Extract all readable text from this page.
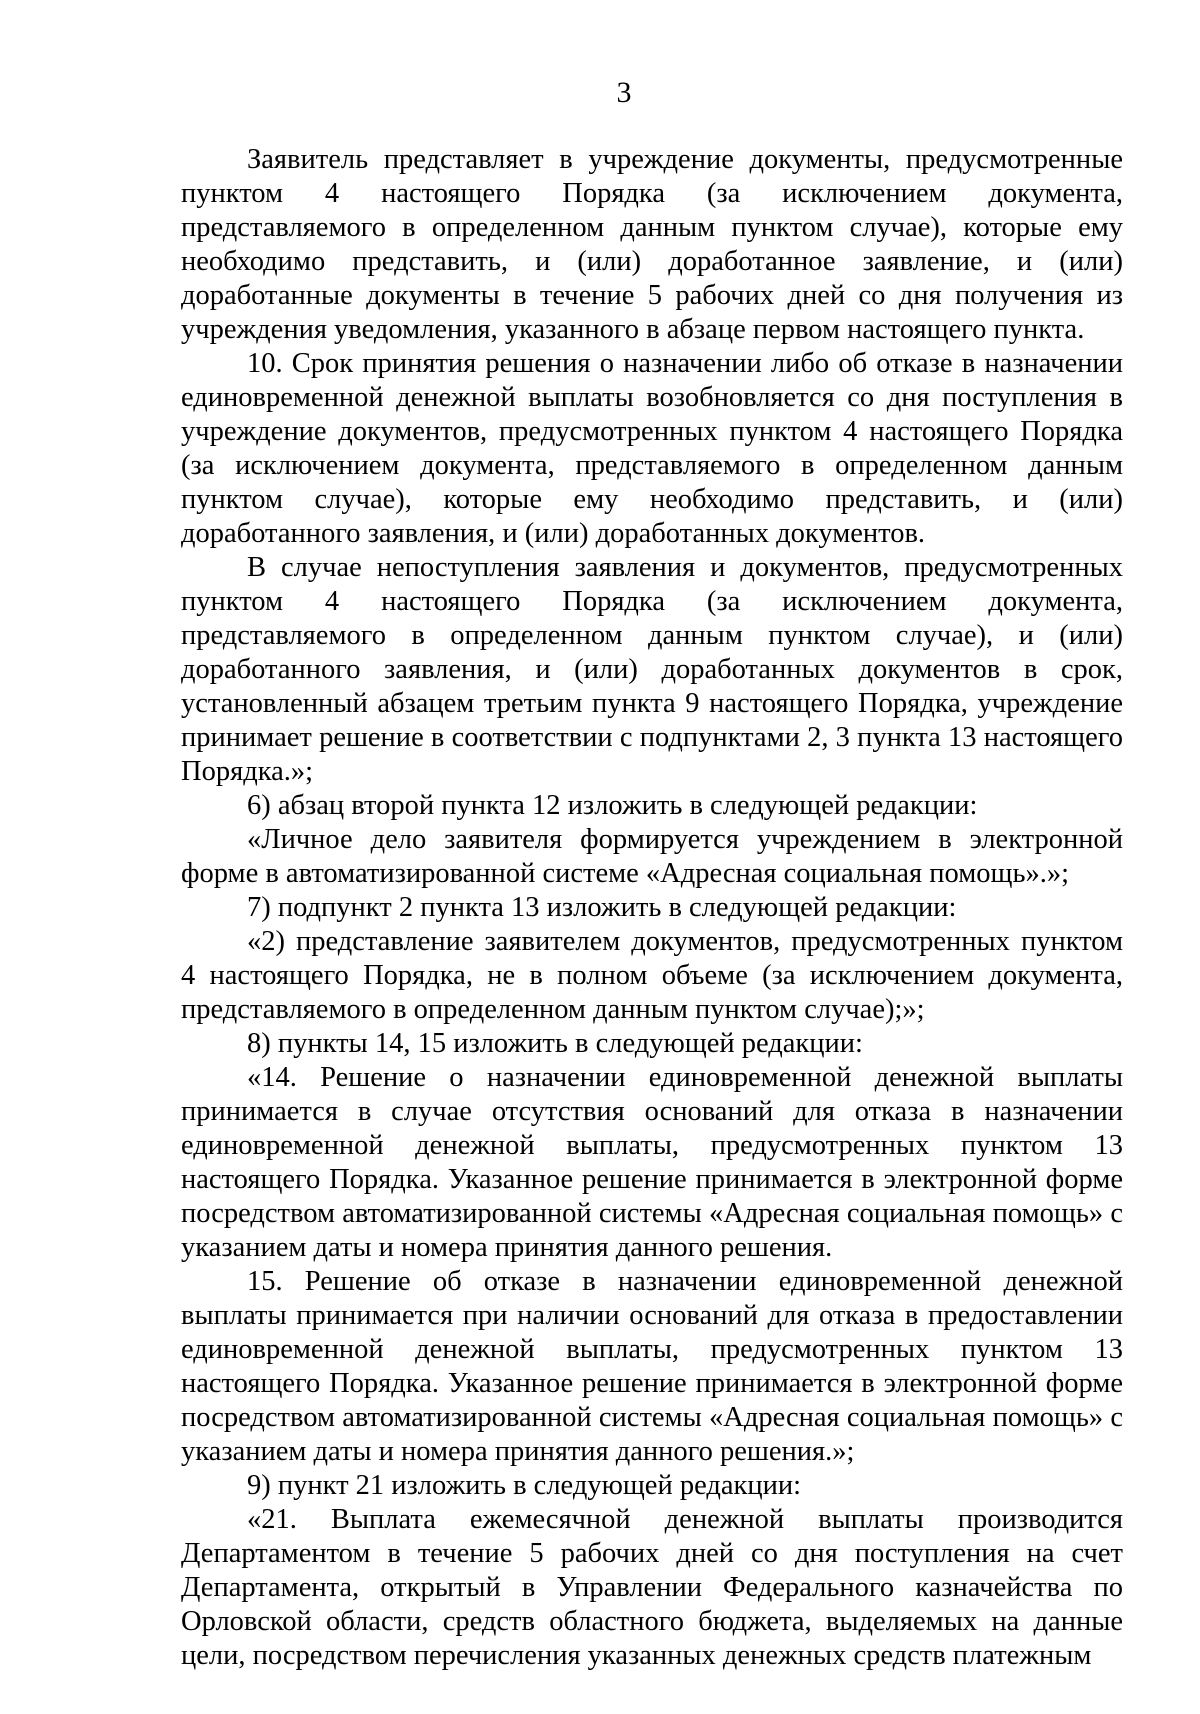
3

Заявитель представляет в учреждение документы, предусмотренные пунктом 4 настоящего Порядка (за исключением документа, представляемого в определенном данным пунктом случае), которые ему необходимо представить, и (или) доработанное заявление, и (или) доработанные документы в течение 5 рабочих дней со дня получения из учреждения уведомления, указанного в абзаце первом настоящего пункта.

10. Срок принятия решения о назначении либо об отказе в назначении единовременной денежной выплаты возобновляется со дня поступления в учреждение документов, предусмотренных пунктом 4 настоящего Порядка (за исключением документа, представляемого в определенном данным пунктом случае), которые ему необходимо представить, и (или) доработанного заявления, и (или) доработанных документов.

В случае непоступления заявления и документов, предусмотренных пунктом 4 настоящего Порядка (за исключением документа, представляемого в определенном данным пунктом случае), и (или) доработанного заявления, и (или) доработанных документов в срок, установленный абзацем третьим пункта 9 настоящего Порядка, учреждение принимает решение в соответствии с подпунктами 2, 3 пункта 13 настоящего Порядка.»;

6) абзац второй пункта 12 изложить в следующей редакции:

«Личное дело заявителя формируется учреждением в электронной форме в автоматизированной системе «Адресная социальная помощь».»;

7) подпункт 2 пункта 13 изложить в следующей редакции:

«2) представление заявителем документов, предусмотренных пунктом 4 настоящего Порядка, не в полном объеме (за исключением документа, представляемого в определенном данным пунктом случае);»;

8) пункты 14, 15 изложить в следующей редакции:

«14. Решение о назначении единовременной денежной выплаты принимается в случае отсутствия оснований для отказа в назначении единовременной денежной выплаты, предусмотренных пунктом 13 настоящего Порядка. Указанное решение принимается в электронной форме посредством автоматизированной системы «Адресная социальная помощь» с указанием даты и номера принятия данного решения.

15. Решение об отказе в назначении единовременной денежной выплаты принимается при наличии оснований для отказа в предоставлении единовременной денежной выплаты, предусмотренных пунктом 13 настоящего Порядка. Указанное решение принимается в электронной форме посредством автоматизированной системы «Адресная социальная помощь» с указанием даты и номера принятия данного решения.»;

9) пункт 21 изложить в следующей редакции:

«21. Выплата ежемесячной денежной выплаты производится Департаментом в течение 5 рабочих дней со дня поступления на счет Департамента, открытый в Управлении Федерального казначейства по Орловской области, средств областного бюджета, выделяемых на данные цели, посредством перечисления указанных денежных средств платежным
